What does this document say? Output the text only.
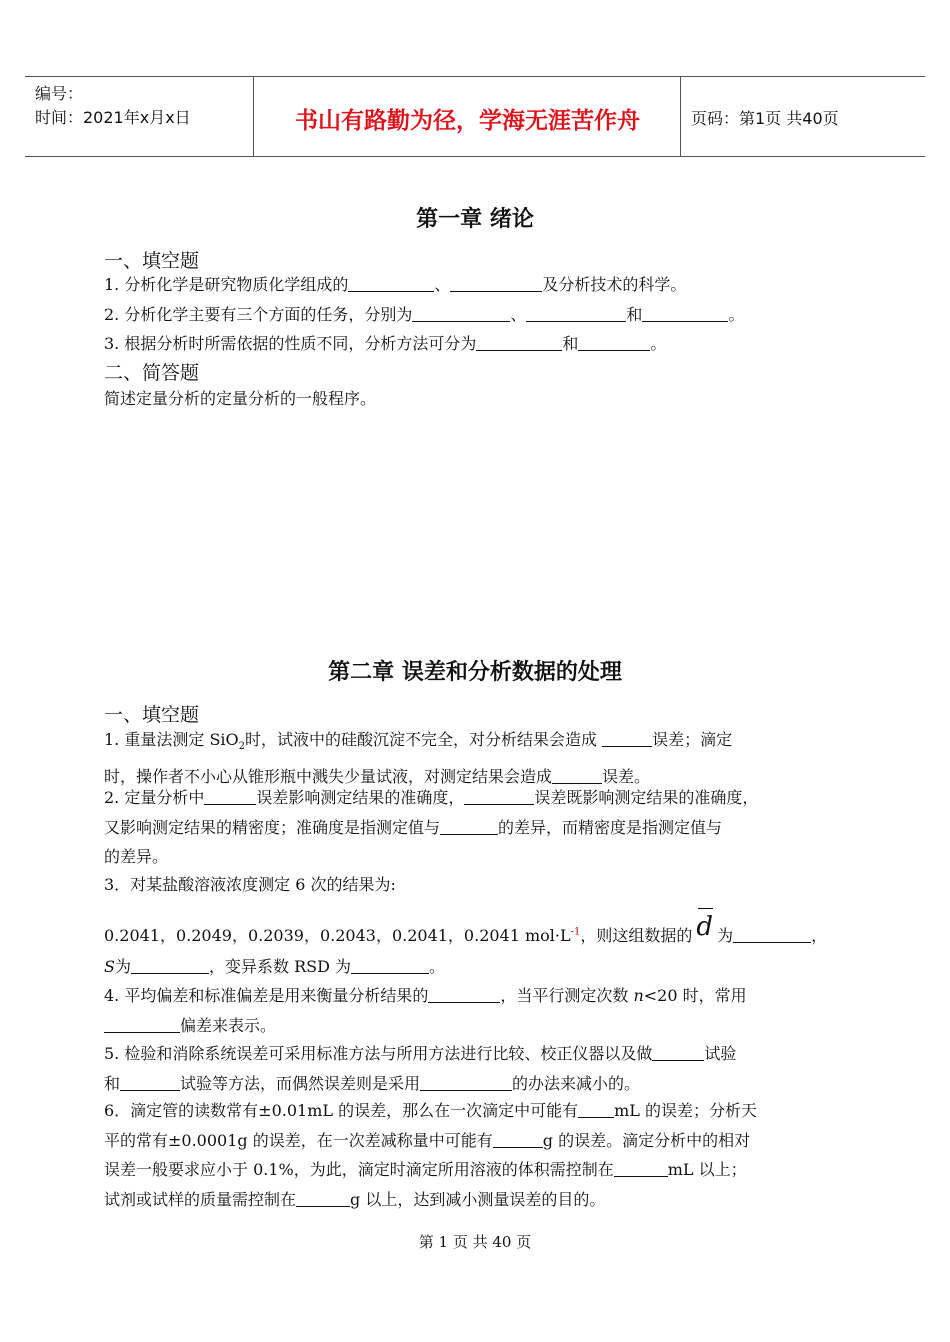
编号：
时间：2021年x月x日	书山有路勤为径，学海无涯苦作舟	页码：第1页 共40页
第一章 绪论
一、填空题
1. 分析化学是研究物质化学组成的	、	及分析技术的科学。
2. 分析化学主要有三个方面的任务，分别为	、	和	。
3. 根据分析时所需依据的性质不同，分析方法可分为	和	。
二、简答题
简述定量分析的定量分析的一般程序。
第二章 误差和分析数据的处理
一、填空题
1. 重量法测定 SiO$_2$时，试液中的硅酸沉淀不完全，对分析结果会造成	误差；滴定
时，操作者不小心从锥形瓶中溅失少量试液，对测定结果会造成	误差。
2. 定量分析中	误差影响测定结果的准确度，	误差既影响测定结果的准确度，
又影响测定结果的精密度；准确度是指测定值与	的差异，而精密度是指测定值与
的差异。
3．对某盐酸溶液浓度测定 6 次的结果为:
0.2041，0.2049，0.2039，0.2043，0.2041，0.2041 $mol\cdot L^{-1}$，则这组数据的 d 为	，
S为	，变异系数 RSD 为	。
4. 平均偏差和标准偏差是用来衡量分析结果的	，当平行测定次数 n<20 时，常用
偏差来表示。
5. 检验和消除系统误差可采用标准方法与所用方法进行比较、校正仪器以及做	试验
和	试验等方法，而偶然误差则是采用	的办法来减小的。
6．滴定管的读数常有±0.01mL 的误差，那么在一次滴定中可能有 mL 的误差；分析天
平的常有±0.0001g 的误差，在一次差减称量中可能有	g 的误差。滴定分析中的相对
误差一般要求应小于 0.1%，为此，滴定时滴定所用溶液的体积需控制在	mL 以上；
试剂或试样的质量需控制在	g 以上，达到减小测量误差的目的。
第 1 页 共 40 页
